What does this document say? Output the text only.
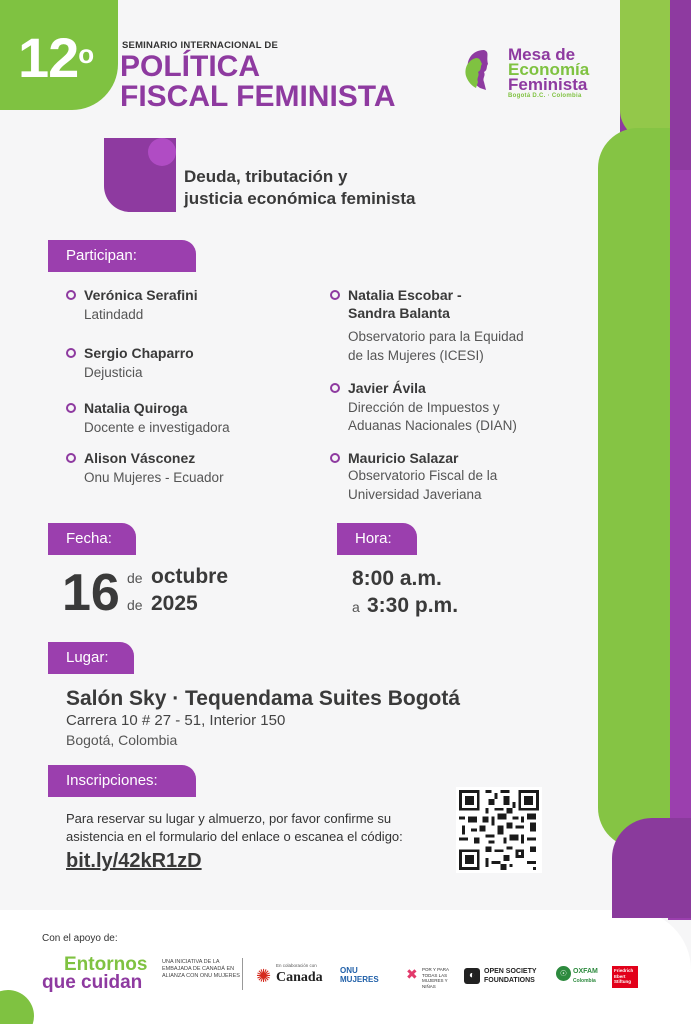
12$^o$	SEMINARIO INTERNACIONAL DE
POLÍTICA
FISCAL FEMINISTA
Mesa de
Economía
Feminista
Bogotá D.C. · Colombia
Deuda, tributación y
justicia económica feminista
Participan:
Verónica Serafini
Latindadd
Sergio Chaparro
Dejusticia
Natalia Quiroga
Docente e investigadora
Alison Vásconez
Onu Mujeres - Ecuador
Natalia Escobar -
Sandra Balanta
Observatorio para la Equidad
de las Mujeres (ICESI)
Javier Ávila
Dirección de Impuestos y
Aduanas Nacionales (DIAN)
Mauricio Salazar
Observatorio Fiscal de la
Universidad Javeriana
Fecha:
16 de octubre
de 2025
Hora:
8:00 a.m.
a 3:30 p.m.
Lugar:
Salón Sky · Tequendama Suites Bogotá
Carrera 10 # 27 - 51, Interior 150
Bogotá, Colombia
Inscripciones:
Para reservar su lugar y almuerzo, por favor confirme su
asistencia en el formulario del enlace o escanea el código:
bit.ly/42kR1zD
Con el apoyo de:
Entornos
que cuidan
UNA INICIATIVA DE LA EMBAJADA DE CANADÁ EN ALIANZA CON ONU MUJERES ✺
En colaboración con
Canada ONU
MUJERES ✖ POR Y PARA TODAS LAS MUJERES Y NIÑAS
◐	OPEN SOCIETY
FOUNDATIONS
☉ OXFAM
Colombia
Friedrich Ebert Stiftung
